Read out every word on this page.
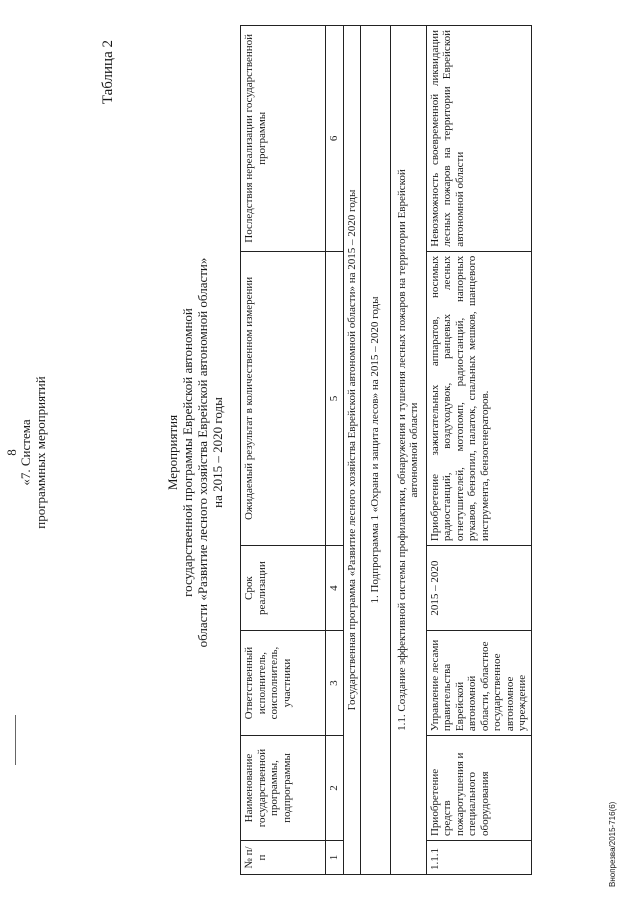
8 «7. Система программных мероприятий
Таблица 2
Мероприятия государственной программы Еврейской автономной области «Развитие лесного хозяйства Еврейской автономной области» на 2015 – 2020 годы
№ п/п	Наименование государственной программы, подпрограммы	Ответственный исполнитель, соисполнитель, участники	Срок реализации	Ожидаемый результат в количественном измерении	Последствия нереализации государственной программы
1	2	3	4	5	6
Государственная программа «Развитие лесного хозяйства Еврейской автономной области» на 2015 – 2020 годы					
1. Подпрограмма 1 «Охрана и защита лесов» на 2015 – 2020 годы					
1.1. Создание эффективной системы профилактики, обнаружения и тушения лесных пожаров на территории Еврейской автономной области					
1.1.1	Приобретение средств пожаротушения и специального оборудования	Управление лесами правительства Еврейской автономной области, областное государственное автономное учреждение	2015 – 2020	Приобретение зажигательных аппаратов, носимых радиостанций, воздуходувок, ранцевых лесных огнетушителей, мотопомп, радиостанций, напорных рукавов, бензопил, палаток, спальных мешков, шанцевого инструмента, бензогенераторов.	Невозможность своевременной ликвидации лесных пожаров на территории Еврейской автономной области
Внопрезва/2015-716(6)
